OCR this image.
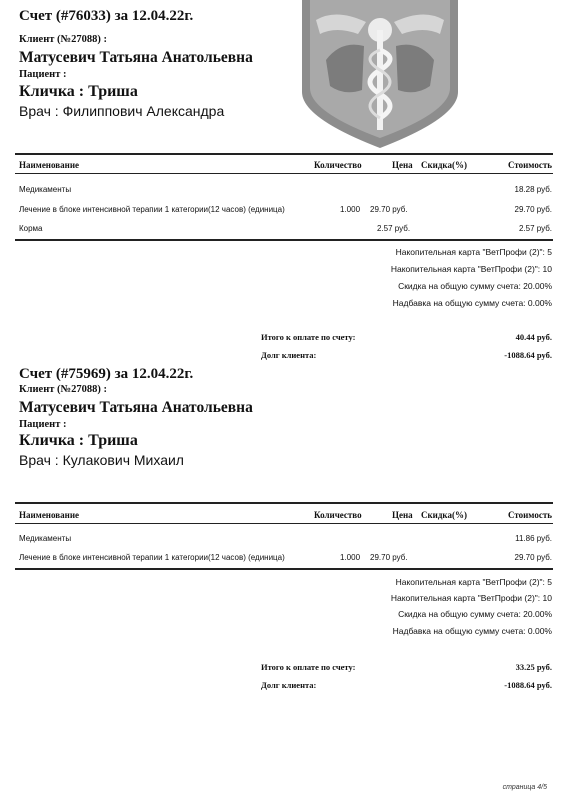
Счет (#76033) за 12.04.22г.
Клиент (№27088) :
Матусевич Татьяна Анатольевна
Пациент :
Кличка : Триша
Врач : Филиппович Александра
Наименование	Количество	Цена Скидка(%)	Стоимость
Медикаменты	18.28 руб.
Лечение в блоке интенсивной терапии 1 категории(12 часов) (единица)	1.000 29.70 руб.	29.70 руб.
Корма	2.57 руб.	2.57 руб.
Накопительная карта "ВетПрофи (2)": 5
Накопительная карта "ВетПрофи (2)": 10
Скидка на общую сумму счета: 20.00%
Надбавка на общую сумму счета: 0.00%
Итого к оплате по счету:	40.44 руб.
Долг клиента:	-1088.64 руб.
Счет (#75969) за 12.04.22г.
Клиент (№27088) :
Матусевич Татьяна Анатольевна
Пациент :
Кличка : Триша
Врач : Кулакович Михаил
Наименование	Количество	Цена Скидка(%)	Стоимость
Медикаменты	11.86 руб.
Лечение в блоке интенсивной терапии 1 категории(12 часов) (единица)	1.000 29.70 руб.	29.70 руб.
Накопительная карта "ВетПрофи (2)": 5
Накопительная карта "ВетПрофи (2)": 10
Скидка на общую сумму счета: 20.00%
Надбавка на общую сумму счета: 0.00%
Итого к оплате по счету:	33.25 руб.
Долг клиента:	-1088.64 руб.
страница 4/5
